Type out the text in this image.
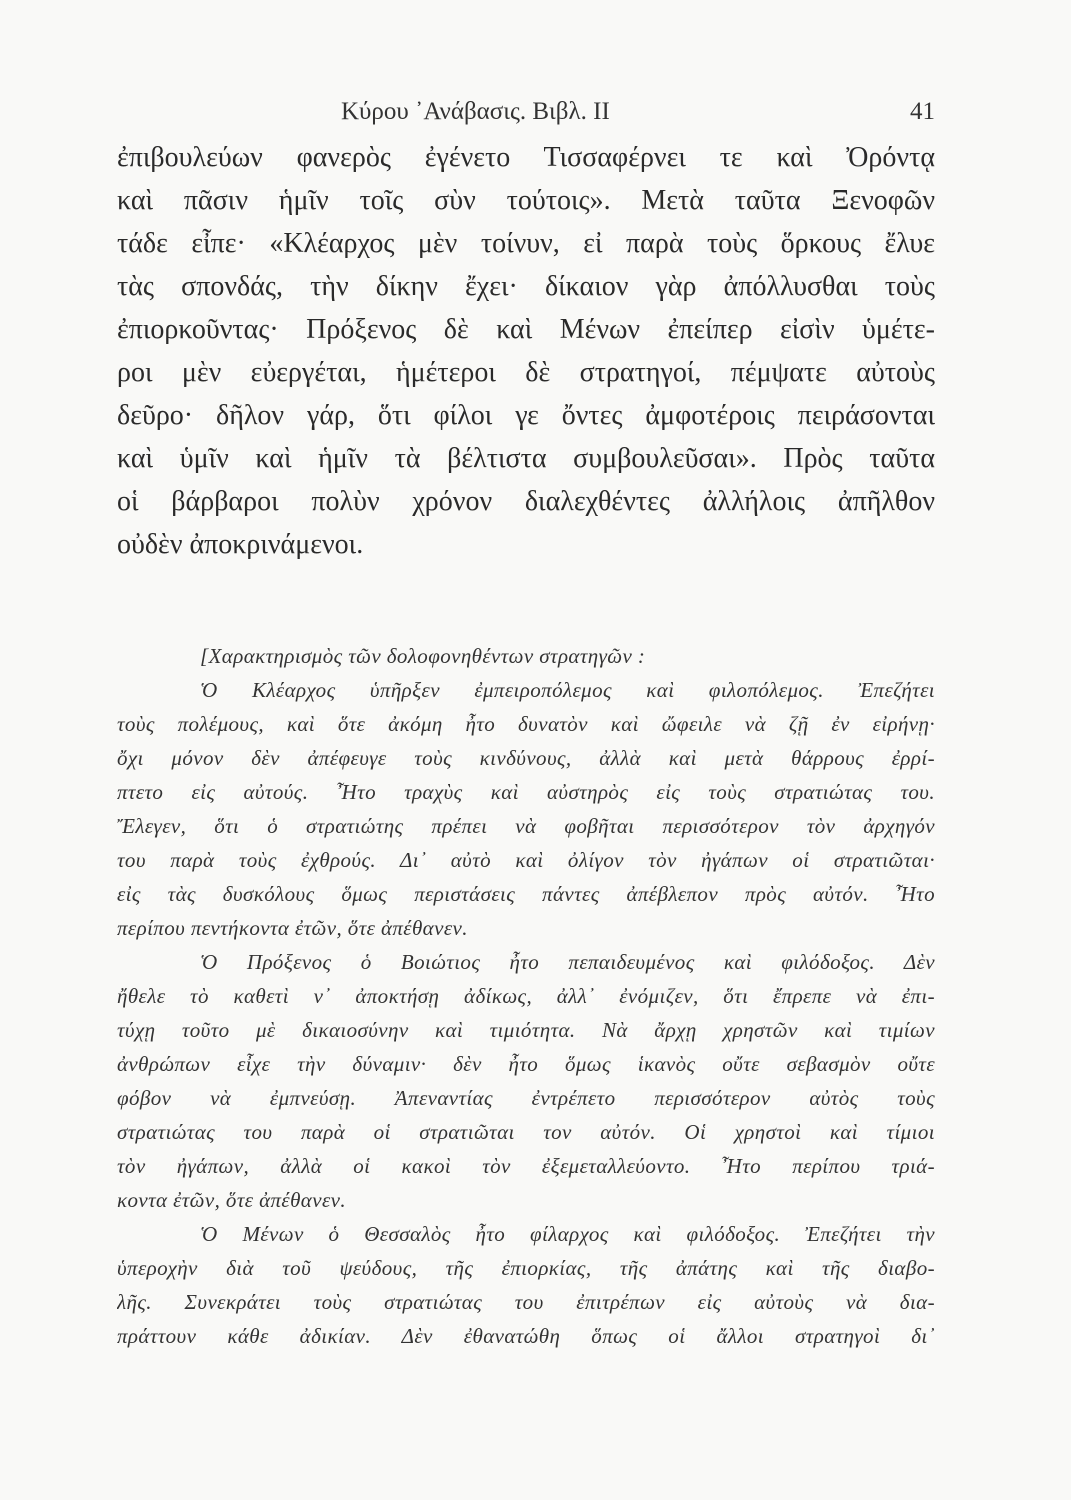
Κύρου ᾽Ανάβασις. Βιβλ. II	41
ἐπιβουλεύων φανερὸς ἐγένετο Τισσαφέρνει τε καὶ Ὀρόντᾳ
καὶ πᾶσιν ἡμῖν τοῖς σὺν τούτοις». Μετὰ ταῦτα Ξενοφῶν
τάδε εἶπε· «Κλέαρχος μὲν τοίνυν, εἰ παρὰ τοὺς ὅρκους ἔλυε
τὰς σπονδάς, τὴν δίκην ἔχει· δίκαιον γὰρ ἀπόλλυσθαι τοὺς
ἐπιορκοῦντας· Πρόξενος δὲ καὶ Μένων ἐπείπερ εἰσὶν ὑμέτε-
ροι μὲν εὐεργέται, ἡμέτεροι δὲ στρατηγοί, πέμψατε αὐτοὺς
δεῦρο· δῆλον γάρ, ὅτι φίλοι γε ὄντες ἀμφοτέροις πειράσονται
καὶ ὑμῖν καὶ ἡμῖν τὰ βέλτιστα συμβουλεῦσαι». Πρὸς ταῦτα
οἱ βάρβαροι πολὺν χρόνον διαλεχθέντες ἀλλήλοις ἀπῆλθον
οὐδὲν ἀποκρινάμενοι.
[Χαρακτηρισμὸς τῶν δολοφονηθέντων στρατηγῶν :
Ὁ Κλέαρχος ὑπῆρξεν ἐμπειροπόλεμος καὶ φιλοπόλεμος. Ἐπεζήτει
τοὺς πολέμους, καὶ ὅτε ἀκόμη ἦτο δυνατὸν καὶ ὤφειλε νὰ ζῇ ἐν εἰρήνῃ·
ὄχι μόνον δὲν ἀπέφευγε τοὺς κινδύνους, ἀλλὰ καὶ μετὰ θάρρους ἐρρί-
πτετο εἰς αὐτούς. Ἦτο τραχὺς καὶ αὐστηρὸς εἰς τοὺς στρατιώτας του.
Ἔλεγεν, ὅτι ὁ στρατιώτης πρέπει νὰ φοβῆται περισσότερον τὸν ἀρχηγόν
του παρὰ τοὺς ἐχθρούς. Δι᾽ αὐτὸ καὶ ὀλίγον τὸν ἠγάπων οἱ στρατιῶται·
εἰς τὰς δυσκόλους ὅμως περιστάσεις πάντες ἀπέβλεπον πρὸς αὐτόν. Ἦτο
περίπου πεντήκοντα ἐτῶν, ὅτε ἀπέθανεν.
Ὁ Πρόξενος ὁ Βοιώτιος ἦτο πεπαιδευμένος καὶ φιλόδοξος. Δὲν
ἤθελε τὸ καθετὶ ν᾽ ἀποκτήσῃ ἀδίκως, ἀλλ᾽ ἐνόμιζεν, ὅτι ἔπρεπε νὰ ἐπι-
τύχῃ τοῦτο μὲ δικαιοσύνην καὶ τιμιότητα. Νὰ ἄρχῃ χρηστῶν καὶ τιμίων
ἀνθρώπων εἶχε τὴν δύναμιν· δὲν ἦτο ὅμως ἱκανὸς οὔτε σεβασμὸν οὔτε
φόβον νὰ ἐμπνεύσῃ. Ἀπεναντίας ἐντρέπετο περισσότερον αὐτὸς τοὺς
στρατιώτας του παρὰ οἱ στρατιῶται τον αὐτόν. Οἱ χρηστοὶ καὶ τίμιοι
τὸν ἠγάπων, ἀλλὰ οἱ κακοὶ τὸν ἐξεμεταλλεύοντο. Ἦτο περίπου τριά-
κοντα ἐτῶν, ὅτε ἀπέθανεν.
Ὁ Μένων ὁ Θεσσαλὸς ἦτο φίλαρχος καὶ φιλόδοξος. Ἐπεζήτει τὴν
ὑπεροχὴν διὰ τοῦ ψεύδους, τῆς ἐπιορκίας, τῆς ἀπάτης καὶ τῆς διαβο-
λῆς. Συνεκράτει τοὺς στρατιώτας του ἐπιτρέπων εἰς αὐτοὺς νὰ δια-
πράττουν κάθε ἀδικίαν. Δὲν ἐθανατώθη ὅπως οἱ ἄλλοι στρατηγοὶ δι᾽
